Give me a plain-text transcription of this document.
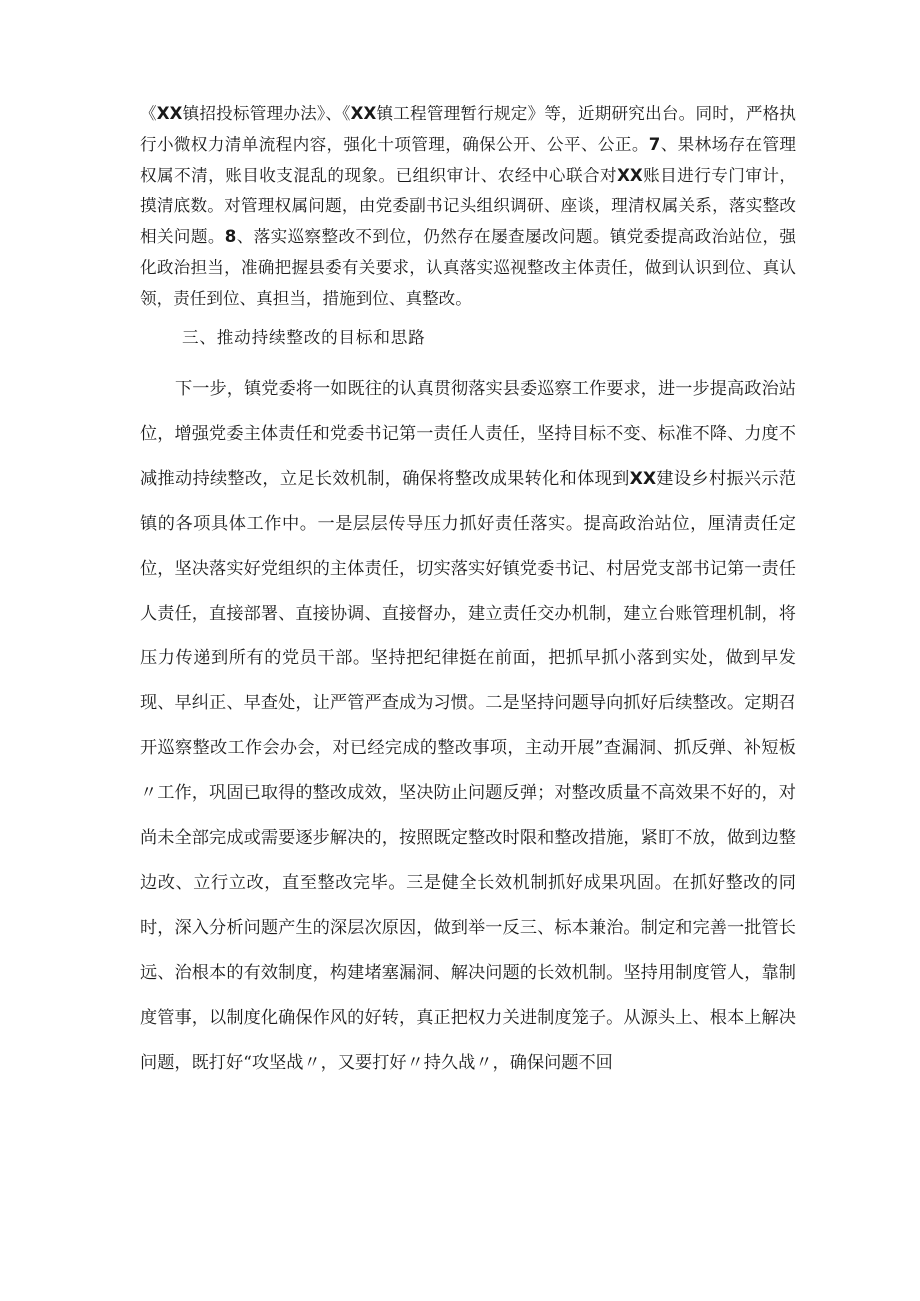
《XX镇招投标管理办法》、《XX镇工程管理暂行规定》等，近期研究出台。同时，严格执行小微权力清单流程内容，强化十项管理，确保公开、公平、公正。7、果林场存在管理权属不清，账目收支混乱的现象。已组织审计、农经中心联合对XX账目进行专门审计，摸清底数。对管理权属问题，由党委副书记头组织调研、座谈，理清权属关系，落实整改相关问题。8、落实巡察整改不到位，仍然存在屡查屡改问题。镇党委提高政治站位，强化政治担当，准确把握县委有关要求，认真落实巡视整改主体责任，做到认识到位、真认领，责任到位、真担当，措施到位、真整改。

三、推动持续整改的目标和思路

下一步，镇党委将一如既往的认真贯彻落实县委巡察工作要求，进一步提高政治站位，增强党委主体责任和党委书记第一责任人责任，坚持目标不变、标准不降、力度不减推动持续整改，立足长效机制，确保将整改成果转化和体现到XX建设乡村振兴示范镇的各项具体工作中。一是层层传导压力抓好责任落实。提高政治站位，厘清责任定位，坚决落实好党组织的主体责任，切实落实好镇党委书记、村居党支部书记第一责任人责任，直接部署、直接协调、直接督办，建立责任交办机制，建立台账管理机制，将压力传递到所有的党员干部。坚持把纪律挺在前面，把抓早抓小落到实处，做到早发现、早纠正、早查处，让严管严查成为习惯。二是坚持问题导向抓好后续整改。定期召开巡察整改工作会办会，对已经完成的整改事项，主动开展”查漏洞、抓反弹、补短板〃工作，巩固已取得的整改成效，坚决防止问题反弹；对整改质量不高效果不好的，对尚未全部完成或需要逐步解决的，按照既定整改时限和整改措施，紧盯不放，做到边整边改、立行立改，直至整改完毕。三是健全长效机制抓好成果巩固。在抓好整改的同时，深入分析问题产生的深层次原因，做到举一反三、标本兼治。制定和完善一批管长远、治根本的有效制度，构建堵塞漏洞、解决问题的长效机制。坚持用制度管人，靠制度管事，以制度化确保作风的好转，真正把权力关进制度笼子。从源头上、根本上解决问题，既打好“攻坚战〃，又要打好〃持久战〃，确保问题不回
